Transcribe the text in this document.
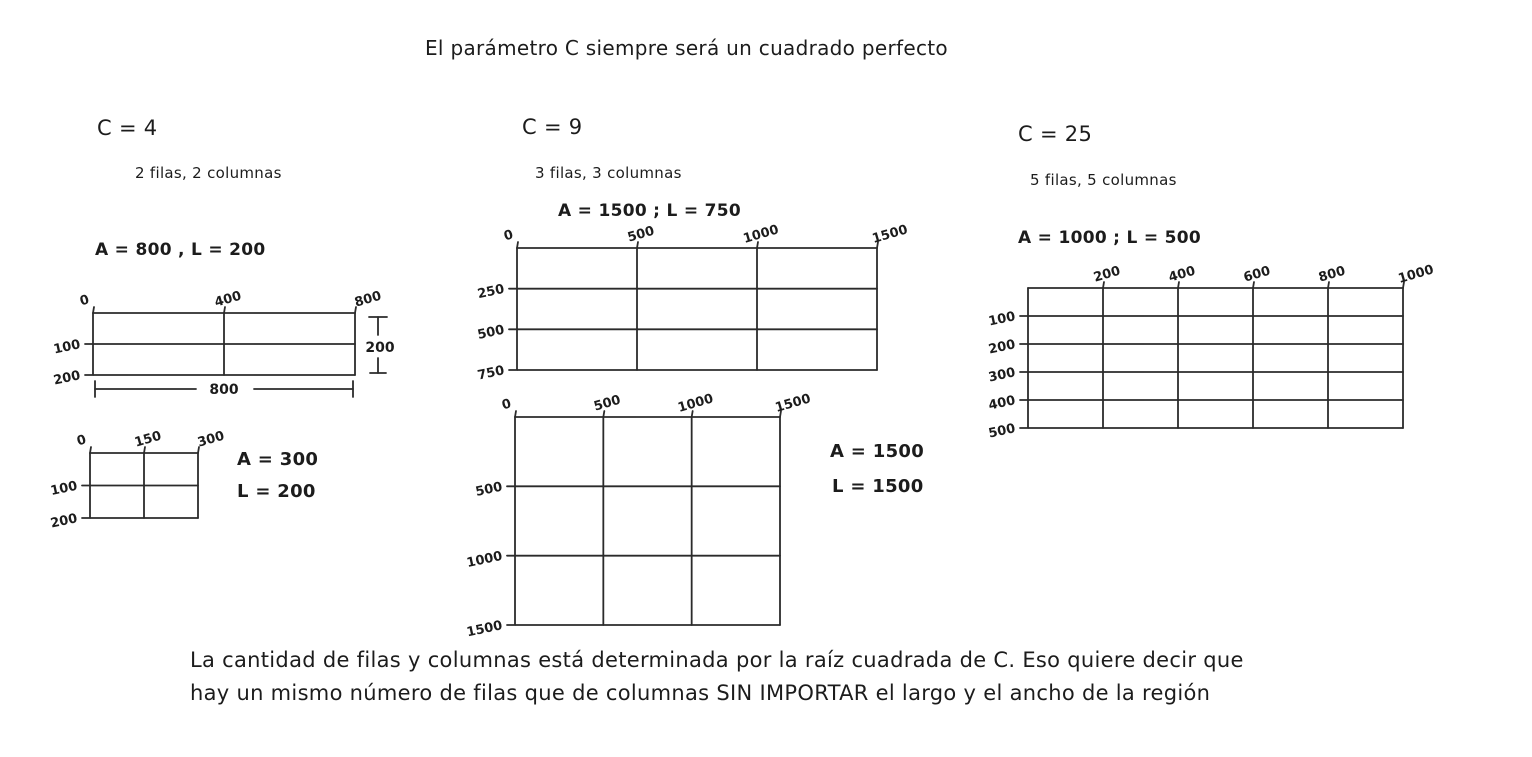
El parámetro C siempre será un cuadrado perfecto
C = 4
2 filas, 2 columnas
A = 800 , L = 200
0	400	800
100
200
200
800
0	150	300
100
200
A = 300
L = 200
C = 9
3 filas, 3 columnas
A = 1500 ; L = 750
0	500	1000	1500
250
500
750
0	500	1000	1500
500
1000
1500
A = 1500
L = 1500
C = 25
5 filas, 5 columnas
A = 1000 ; L = 500
200	400	600	800	1000
100
200
300
400
500
La cantidad de filas y columnas está determinada por la raíz cuadrada de C. Eso quiere decir que
hay un mismo número de filas que de columnas SIN IMPORTAR el largo y el ancho de la región
